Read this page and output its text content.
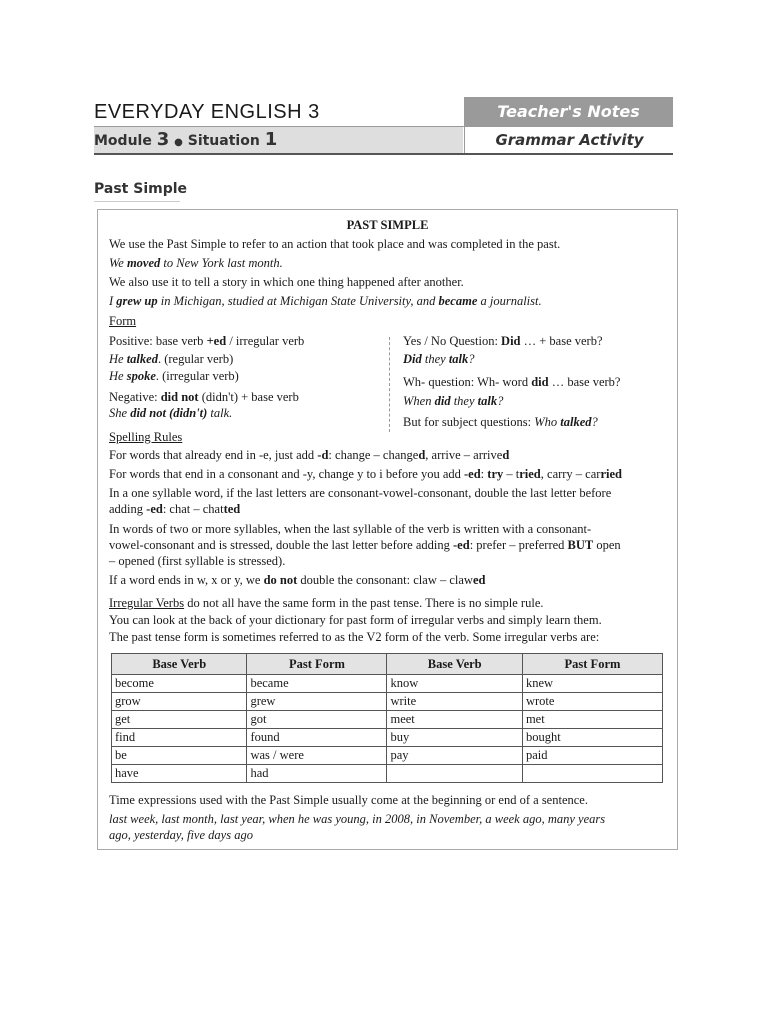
EVERYDAY ENGLISH 3	Teacher's Notes
Module 3 ● Situation 1	Grammar Activity
Past Simple
PAST SIMPLE
We use the Past Simple to refer to an action that took place and was completed in the past.
We moved to New York last month.
We also use it to tell a story in which one thing happened after another.
I grew up in Michigan, studied at Michigan State University, and became a journalist.
Form
Positive: base verb +ed / irregular verb
He talked. (regular verb)
He spoke. (irregular verb)
Negative: did not (didn't) + base verb
She did not (didn't) talk.
Yes / No Question: Did … + base verb?
Did they talk?
Wh- question: Wh- word did … base verb?
When did they talk?
But for subject questions: Who talked?
Spelling Rules
For words that already end in -e, just add -d: change – changed, arrive – arrived
For words that end in a consonant and -y, change y to i before you add -ed: try – tried, carry – carried
In a one syllable word, if the last letters are consonant-vowel-consonant, double the last letter before
adding -ed: chat – chatted
In words of two or more syllables, when the last syllable of the verb is written with a consonant-
vowel-consonant and is stressed, double the last letter before adding -ed: prefer – preferred BUT open
– opened (first syllable is stressed).
If a word ends in w, x or y, we do not double the consonant: claw – clawed
Irregular Verbs do not all have the same form in the past tense. There is no simple rule.
You can look at the back of your dictionary for past form of irregular verbs and simply learn them.
The past tense form is sometimes referred to as the V2 form of the verb. Some irregular verbs are:
Base Verb	Past Form	Base Verb	Past Form
become	became	know	knew
grow	grew	write	wrote
get	got	meet	met
find	found	buy	bought
be	was / were	pay	paid
have	had		
Time expressions used with the Past Simple usually come at the beginning or end of a sentence.
last week, last month, last year, when he was young, in 2008, in November, a week ago, many years
ago, yesterday, five days ago
